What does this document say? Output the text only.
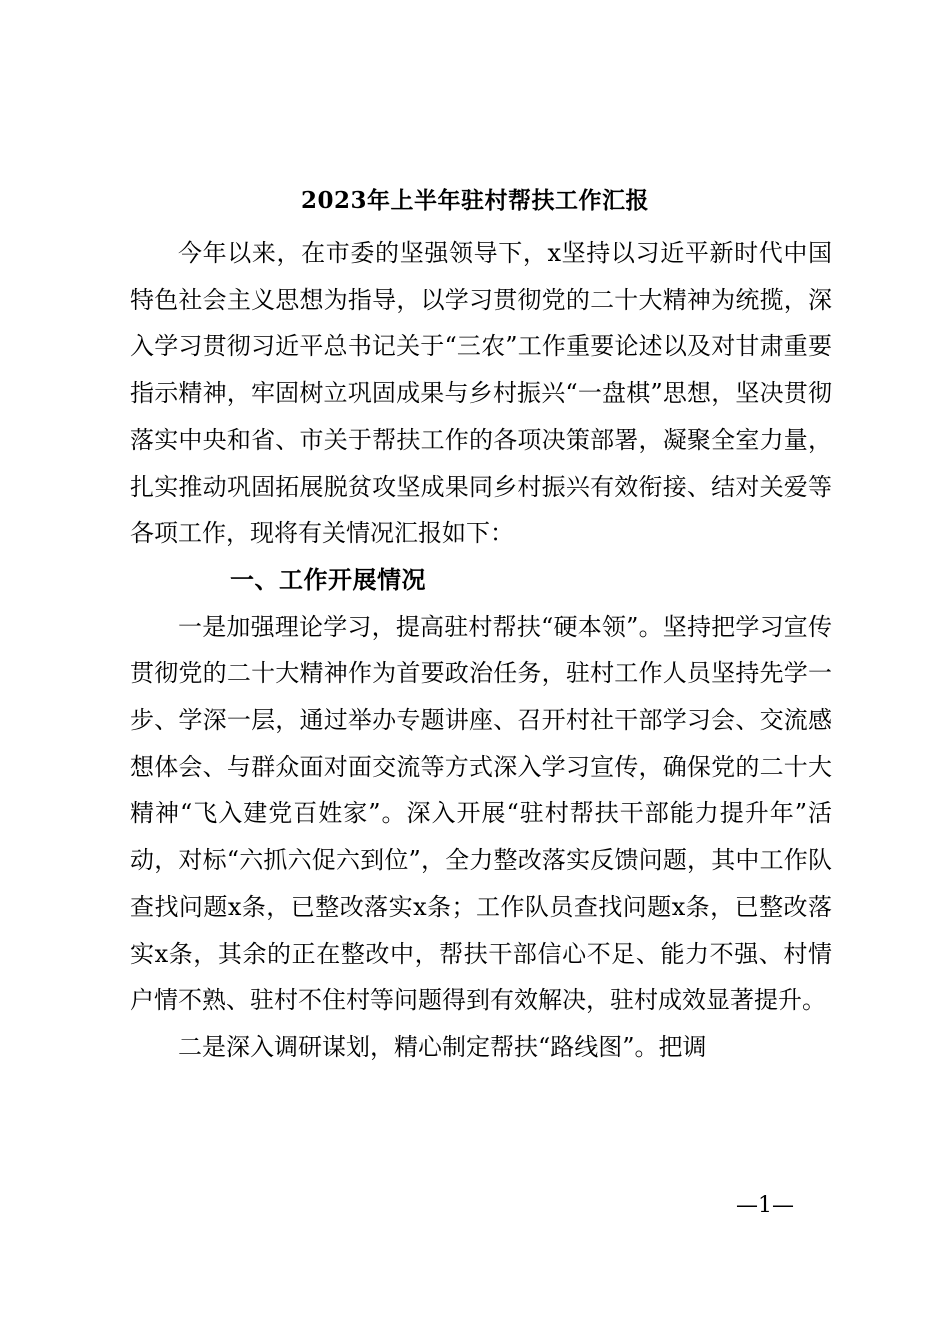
2023年上半年驻村帮扶工作汇报

今年以来，在市委的坚强领导下，x坚持以习近平新时代中国特色社会主义思想为指导，以学习贯彻党的二十大精神为统揽，深入学习贯彻习近平总书记关于“三农”工作重要论述以及对甘肃重要指示精神，牢固树立巩固成果与乡村振兴“一盘棋”思想，坚决贯彻落实中央和省、市关于帮扶工作的各项决策部署，凝聚全室力量，扎实推动巩固拓展脱贫攻坚成果同乡村振兴有效衔接、结对关爱等各项工作，现将有关情况汇报如下：

一、工作开展情况

一是加强理论学习，提高驻村帮扶“硬本领”。坚持把学习宣传贯彻党的二十大精神作为首要政治任务，驻村工作人员坚持先学一步、学深一层，通过举办专题讲座、召开村社干部学习会、交流感想体会、与群众面对面交流等方式深入学习宣传，确保党的二十大精神“飞入建党百姓家”。深入开展“驻村帮扶干部能力提升年”活动，对标“六抓六促六到位”，全力整改落实反馈问题，其中工作队查找问题x条，已整改落实x条；工作队员查找问题x条，已整改落实x条，其余的正在整改中，帮扶干部信心不足、能力不强、村情户情不熟、驻村不住村等问题得到有效解决，驻村成效显著提升。

二是深入调研谋划，精心制定帮扶“路线图”。把调

—1—
